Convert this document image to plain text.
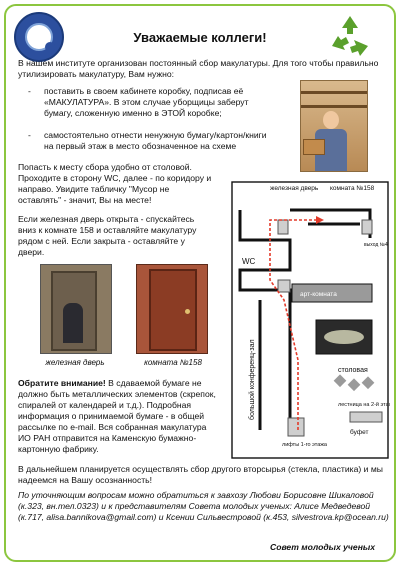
Уважаемые коллеги!
В нашем институте организован постоянный сбор макулатуры. Для того чтобы правильно утилизировать макулатуру, Вам нужно:
- поставить в своем кабинете коробку, подписав её «МАКУЛАТУРА». В этом случае уборщицы заберут бумагу, сложенную именно в ЭТОЙ коробке;
- самостоятельно отнести ненужную бумагу/картон/книги на первый этаж в место обозначенное на схеме
Попасть к месту сбора удобно от столовой. Проходите в сторону WC, далее - по коридору и направо. Увидите табличку "Мусор не оставлять" - значит, Вы на месте!
Если железная дверь открыта - спускайтесь вниз к комнате 158 и оставляйте макулатуру рядом с ней. Если закрыта - оставляйте у двери.
железная дверь	комната №158
Обратите внимание! В сдаваемой бумаге не должно быть металлических элементов (скрепок, спиралей от календарей и т.д.). Подробная информация о принимаемой бумаге - в общей рассылке по e-mail. Вся собранная макулатура ИО РАН отправится на Каменскую бумажно-картонную фабрику.
железная дверь комната №158
выход №4
WC
арт-комната
большой конференц-зал	столовая
лифты 1-го этажа
лестница на 2-й этаж
буфет
В дальнейшем планируется осуществлять сбор другого вторсырья (стекла, пластика) и мы надеемся на Вашу осознанность!
По уточняющим вопросам можно обратиться к завхозу Любови Борисовне Шикаловой (к.323, вн.тел.0323) и к представителям Совета молодых ученых: Алисе Медведевой (к.717, alisa.bannikova@gmail.com) и Ксении Сильвестровой (к.453, silvestrova.kp@ocean.ru)
Совет молодых ученых
